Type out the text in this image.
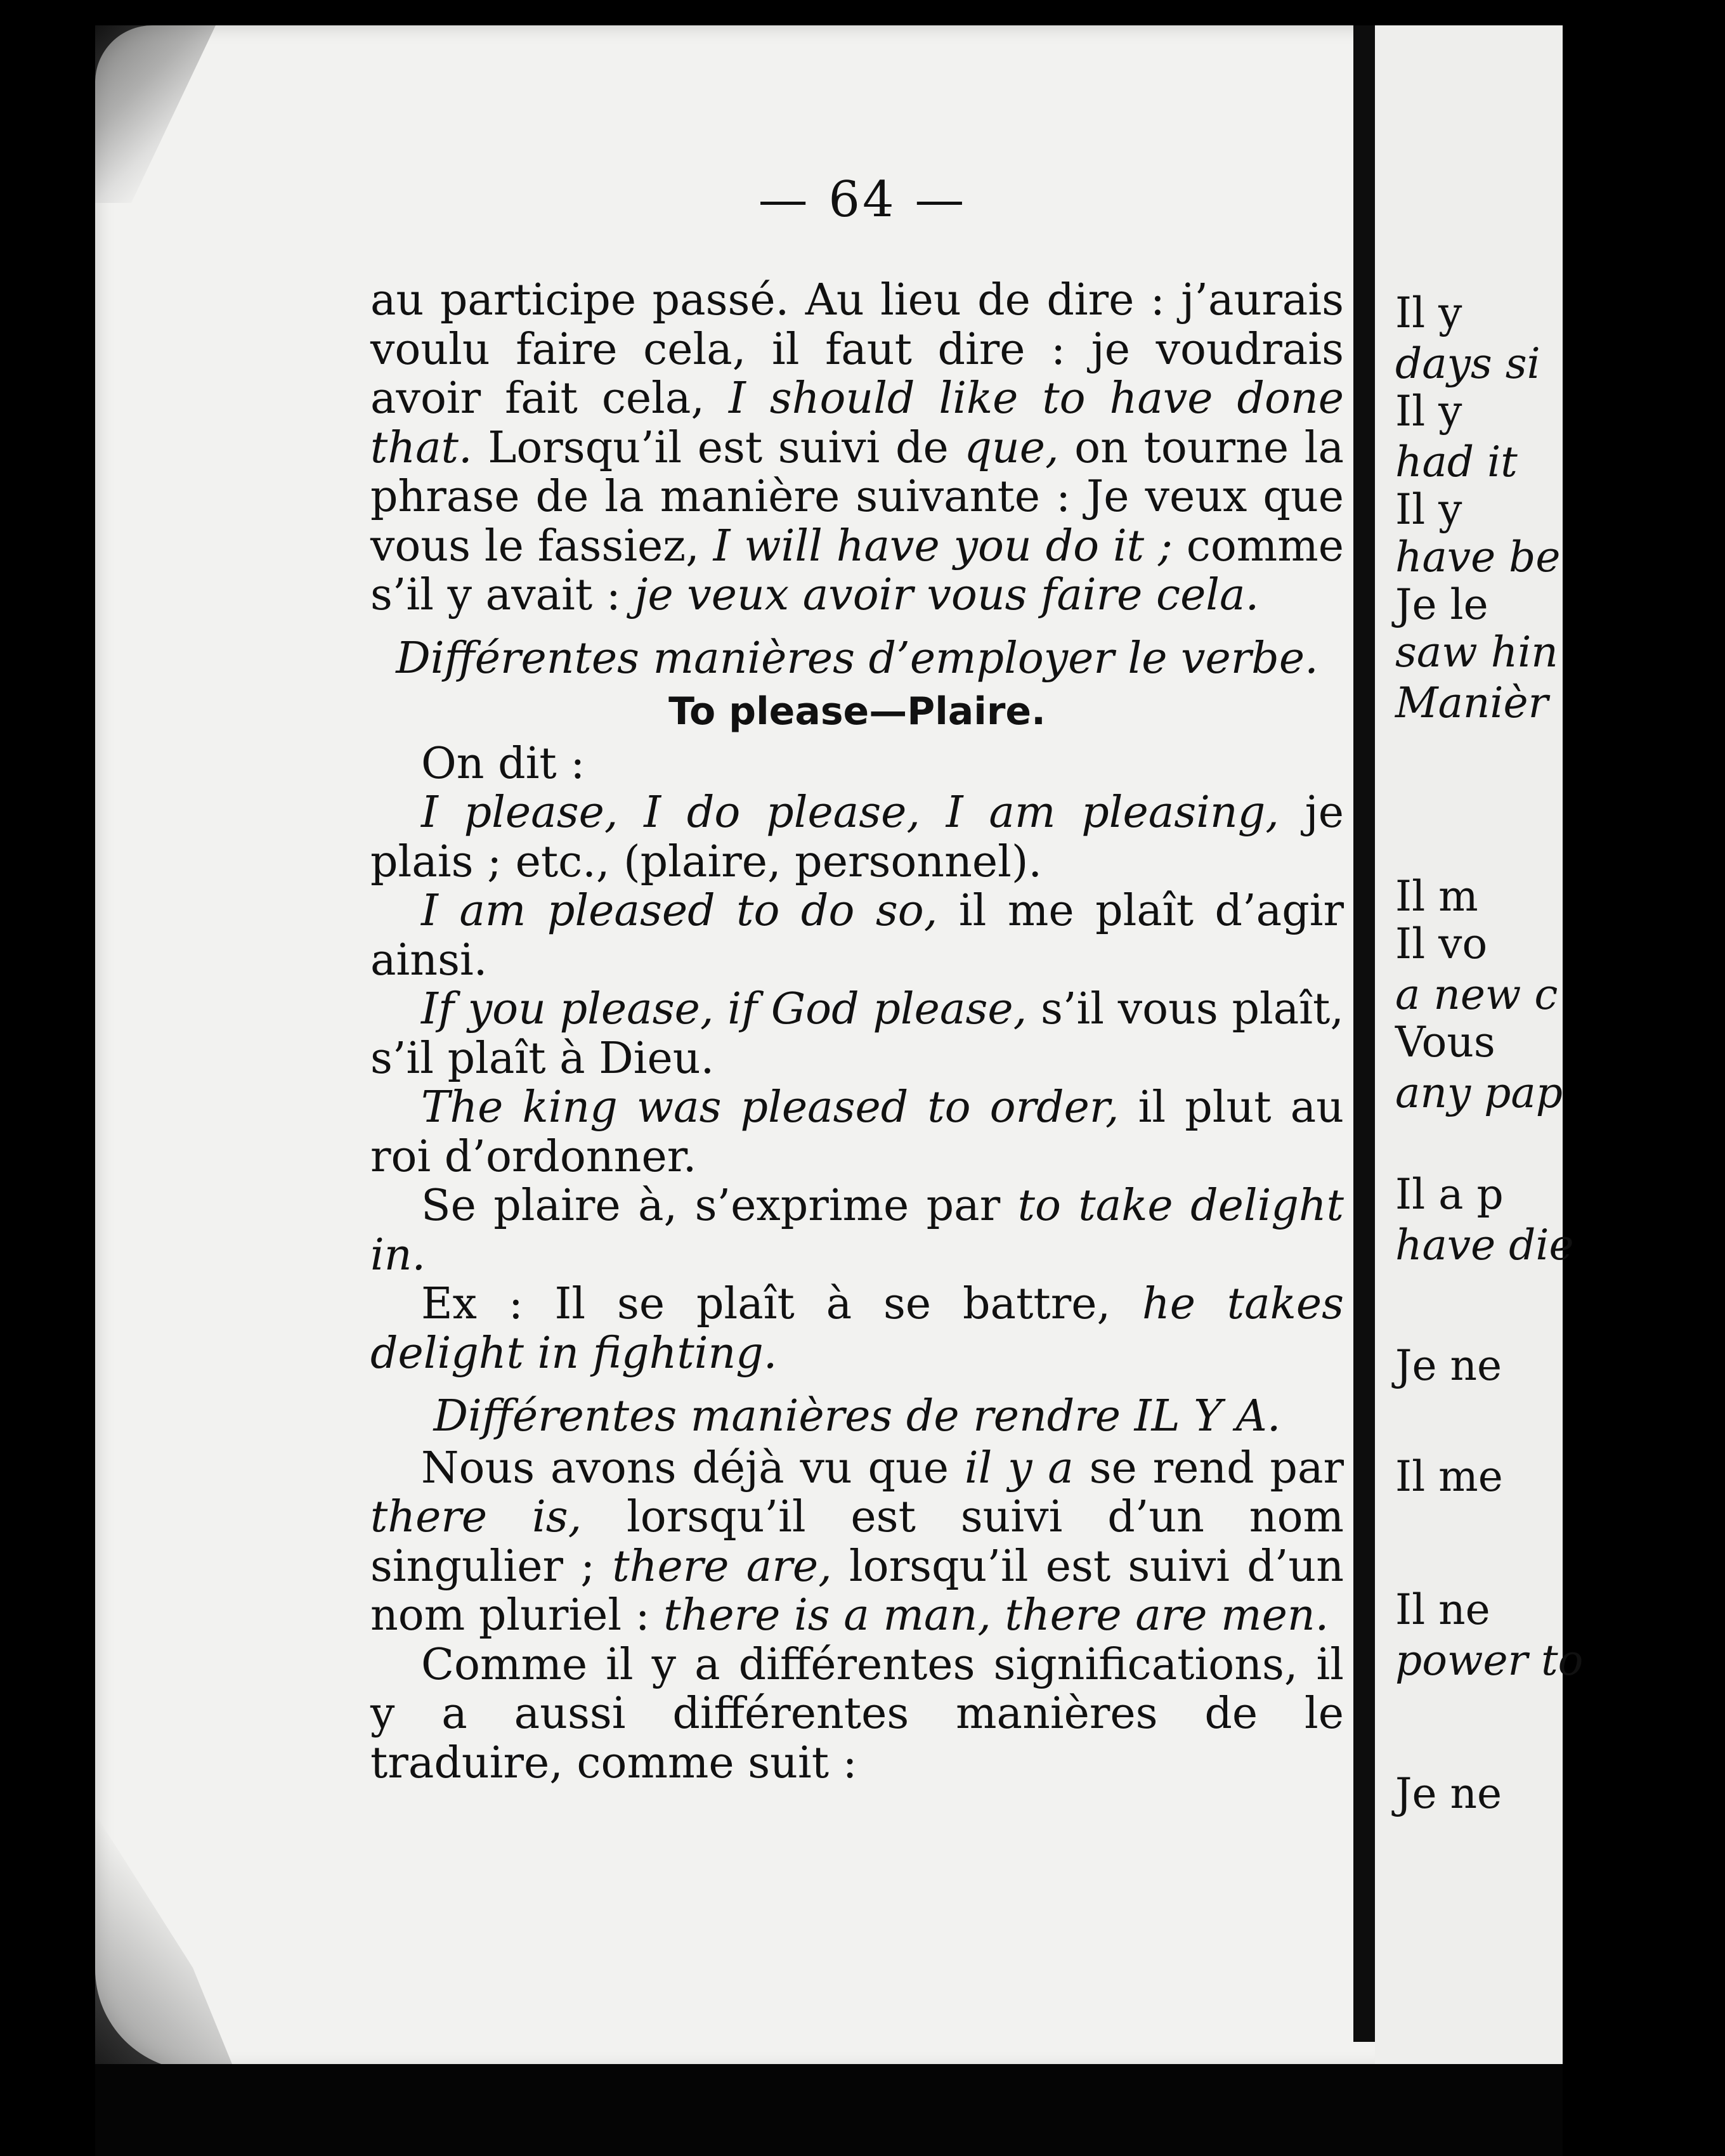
— 64 —

au participe passé. Au lieu de dire : j’aurais voulu faire cela, il faut dire : je voudrais avoir fait cela, I should like to have done that. Lorsqu’il est suivi de que, on tourne la phrase de la manière suivante : Je veux que vous le fassiez, I will have you do it ; comme s’il y avait : je veux avoir vous faire cela.

Différentes manières d’employer le verbe.

To please—Plaire.

On dit :

I please, I do please, I am pleasing, je plais ; etc., (plaire, personnel).

I am pleased to do so, il me plaît d’agir ainsi.

If you please, if God please, s’il vous plaît, s’il plaît à Dieu.

The king was pleased to order, il plut au roi d’ordonner.

Se plaire à, s’exprime par to take delight in.

Ex : Il se plaît à se battre, he takes delight in fighting.

Différentes manières de rendre IL Y A.

Nous avons déjà vu que il y a se rend par there is, lorsqu’il est suivi d’un nom singulier ; there are, lorsqu’il est suivi d’un nom pluriel : there is a man, there are men.

Comme il y a différentes significations, il y a aussi différentes manières de le traduire, comme suit :

Il y
days si
Il y
had it
Il y
have be
Je le
saw hin
Manièr
Il m
Il vo
a new c
Vous
any pap
Il a p
have die
Je ne
Il me
Il ne
power to
Je ne
